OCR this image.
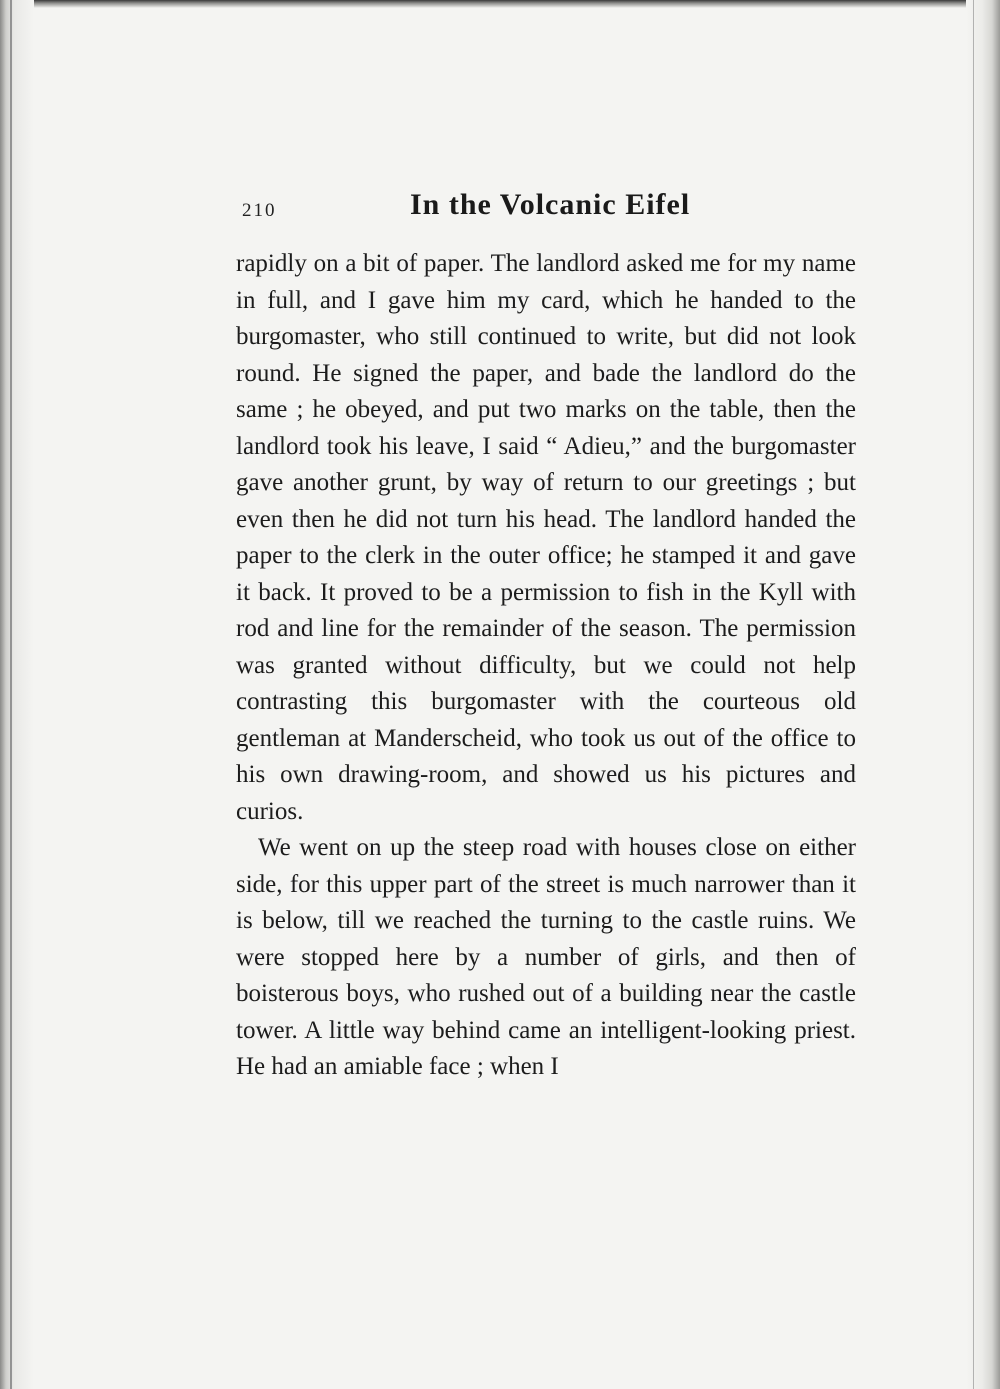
210	In the Volcanic Eifel

rapidly on a bit of paper. The landlord asked me for my name in full, and I gave him my card, which he handed to the burgomaster, who still continued to write, but did not look round. He signed the paper, and bade the landlord do the same ; he obeyed, and put two marks on the table, then the landlord took his leave, I said “ Adieu,” and the burgomaster gave another grunt, by way of return to our greetings ; but even then he did not turn his head. The landlord handed the paper to the clerk in the outer office; he stamped it and gave it back. It proved to be a permission to fish in the Kyll with rod and line for the remainder of the season. The permission was granted without difficulty, but we could not help contrasting this burgomaster with the courteous old gentleman at Manderscheid, who took us out of the office to his own drawing-room, and showed us his pictures and curios.

We went on up the steep road with houses close on either side, for this upper part of the street is much narrower than it is below, till we reached the turning to the castle ruins. We were stopped here by a number of girls, and then of boisterous boys, who rushed out of a building near the castle tower. A little way behind came an intelligent-looking priest. He had an amiable face ; when I
